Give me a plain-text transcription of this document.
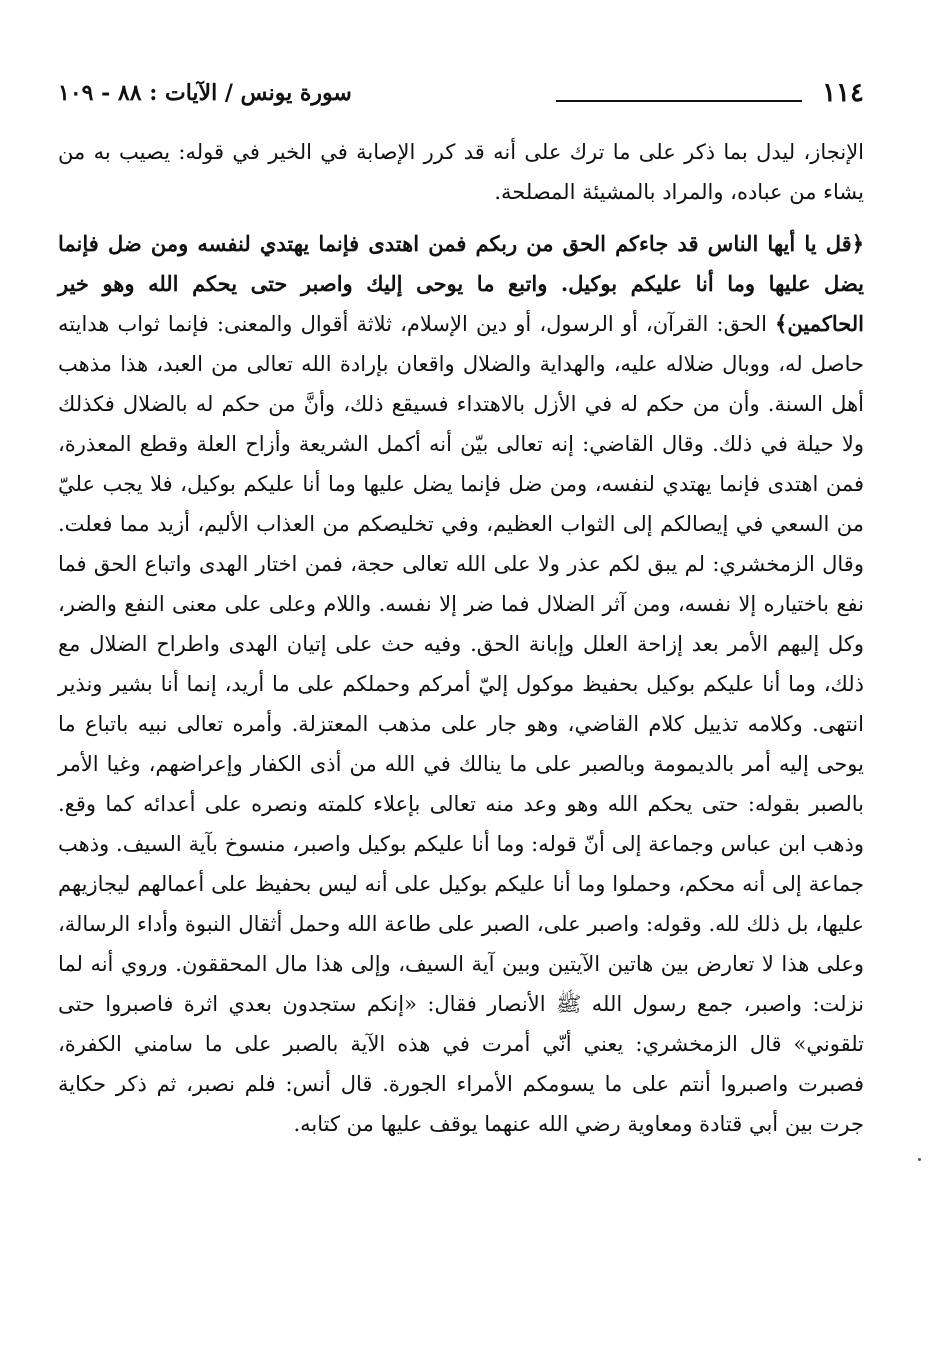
١١٤
سورة يونس / الآيات : ٨٨ - ١٠٩

الإنجاز، ليدل بما ذكر على ما ترك على أنه قد كرر الإصابة في الخير في قوله: يصيب به من يشاء من عباده، والمراد بالمشيئة المصلحة.

﴿قل يا أيها الناس قد جاءكم الحق من ربكم فمن اهتدى فإنما يهتدي لنفسه ومن ضل فإنما يضل عليها وما أنا عليكم بوكيل. واتبع ما يوحى إليك واصبر حتى يحكم الله وهو خير الحاكمين﴾ الحق: القرآن، أو الرسول، أو دين الإسلام، ثلاثة أقوال والمعنى: فإنما ثواب هدايته حاصل له، ووبال ضلاله عليه، والهداية والضلال واقعان بإرادة الله تعالى من العبد، هذا مذهب أهل السنة. وأن من حكم له في الأزل بالاهتداء فسيقع ذلك، وأنَّ من حكم له بالضلال فكذلك ولا حيلة في ذلك. وقال القاضي: إنه تعالى بيّن أنه أكمل الشريعة وأزاح العلة وقطع المعذرة، فمن اهتدى فإنما يهتدي لنفسه، ومن ضل فإنما يضل عليها وما أنا عليكم بوكيل، فلا يجب عليّ من السعي في إيصالكم إلى الثواب العظيم، وفي تخليصكم من العذاب الأليم، أزيد مما فعلت. وقال الزمخشري: لم يبق لكم عذر ولا على الله تعالى حجة، فمن اختار الهدى واتباع الحق فما نفع باختياره إلا نفسه، ومن آثر الضلال فما ضر إلا نفسه. واللام وعلى على معنى النفع والضر، وكل إليهم الأمر بعد إزاحة العلل وإبانة الحق. وفيه حث على إتيان الهدى واطراح الضلال مع ذلك، وما أنا عليكم بوكيل بحفيظ موكول إليّ أمركم وحملكم على ما أريد، إنما أنا بشير ونذير انتهى. وكلامه تذييل كلام القاضي، وهو جار على مذهب المعتزلة. وأمره تعالى نبيه باتباع ما يوحى إليه أمر بالديمومة وبالصبر على ما ينالك في الله من أذى الكفار وإعراضهم، وغيا الأمر بالصبر بقوله: حتى يحكم الله وهو وعد منه تعالى بإعلاء كلمته ونصره على أعدائه كما وقع. وذهب ابن عباس وجماعة إلى أنّ قوله: وما أنا عليكم بوكيل واصبر، منسوخ بآية السيف. وذهب جماعة إلى أنه محكم، وحملوا وما أنا عليكم بوكيل على أنه ليس بحفيظ على أعمالهم ليجازيهم عليها، بل ذلك لله. وقوله: واصبر على، الصبر على طاعة الله وحمل أثقال النبوة وأداء الرسالة، وعلى هذا لا تعارض بين هاتين الآيتين وبين آية السيف، وإلى هذا مال المحققون. وروي أنه لما نزلت: واصبر، جمع رسول الله ﷺ الأنصار فقال: «إنكم ستجدون بعدي اثرة فاصبروا حتى تلقوني» قال الزمخشري: يعني أنّي أمرت في هذه الآية بالصبر على ما سامني الكفرة، فصبرت واصبروا أنتم على ما يسومكم الأمراء الجورة. قال أنس: فلم نصبر، ثم ذكر حكاية جرت بين أبي قتادة ومعاوية رضي الله عنهما يوقف عليها من كتابه.
